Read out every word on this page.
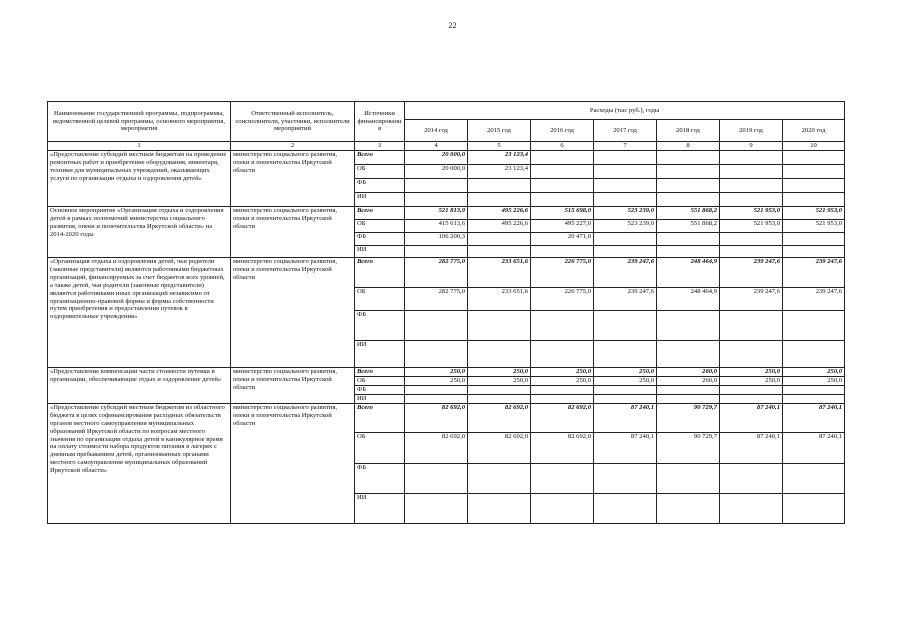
22
Наименование государственной программы, подпрограммы, ведомственной целевой программы, основного мероприятия, мероприятия	Ответственный исполнитель, соисполнители, участники, исполнители мероприятий	Источники финансировани я	Расходы (тыс руб.), годы						
			2014 год	2015 год	2016 год	2017 год	2018 год	2019 год	2020 год
1	2	3	4	5	6	7	8	9	10
«Предоставление субсидий местным бюджетам на проведение ремонтных работ и приобретение оборудования, инвентаря, техники для муниципальных учреждений, оказывающих услуги по организации отдыха и оздоровления детей»	министерство социального развития, опеки и попечительства Иркутской области	Всего	20 000,0	23 123,4					
		ОБ	20 000,0	23 123,4					
		ФБ							
		ИИ							
Основное мероприятие «Организация отдыха и оздоровления детей в рамках полномочий министерства социального развития, опеки и попечительства Иркутской области» на 2014-2020 годы	министерство социального развития, опеки и попечительства Иркутской области	Всего	521 813,9	495 226,6	515 698,0	523 239,0	551 868,2	521 953,0	521 953,0
		ОБ	415 613,6	495 226,6	495 227,0	523 239,0	551 868,2	521 953,0	521 953,0
		ФБ	106 200,3		20 471,0				
		ИИ							
«Организация отдыха и оздоровления детей, чьи родители (законные представители) являются работниками бюджетных организаций, финансируемых за счет бюджетов всех уровней, а также детей, чьи родители (законные представители) являются работниками иных организаций независимо от организационно-правовой формы и формы собственности путем приобретения и предоставления путевок в оздоровительные учреждения»	министерство социального развития, опеки и попечительства Иркутской области	Всего	282 775,0	233 651,6	226 775,0	239 247,6	248 464,9	239 247,6	239 247,6
		ОБ	282 775,0	233 651,6	226 775,0	239 247,6	248 464,9	239 247,6	239 247,6
		ФБ							
		ИИ							
«Предоставление компенсации части стоимости путевки в организации, обеспечивающие отдых и оздоровление детей»	министерство социального развития, опеки и попечительства Иркутской области	Всего	250,0	250,0	250,0	250,0	260,0	250,0	250,0
		ОБ	250,0	250,0	250,0	250,0	260,0	250,0	250,0
		ФБ							
		ИИ							
«Предоставление субсидий местным бюджетам из областного бюджета в целях софинансирования расходных обязательств органов местного самоуправления муниципальных образований Иркутской области по вопросам местного значения по организации отдыха детей в каникулярное время на оплату стоимости набора продуктов питания в лагерях с дневным пребыванием детей, организованных органами местного самоуправления муниципальных образований Иркутской области»	министерство социального развития, опеки и попечительства Иркутской области	Всего	82 692,0	82 692,0	82 692,0	87 240,1	90 729,7	87 240,1	87 240,1
		ОБ	82 692,0	82 692,0	82 692,0	87 240,1	90 729,7	87 240,1	87 240,1
		ФБ							
		ИИ							
